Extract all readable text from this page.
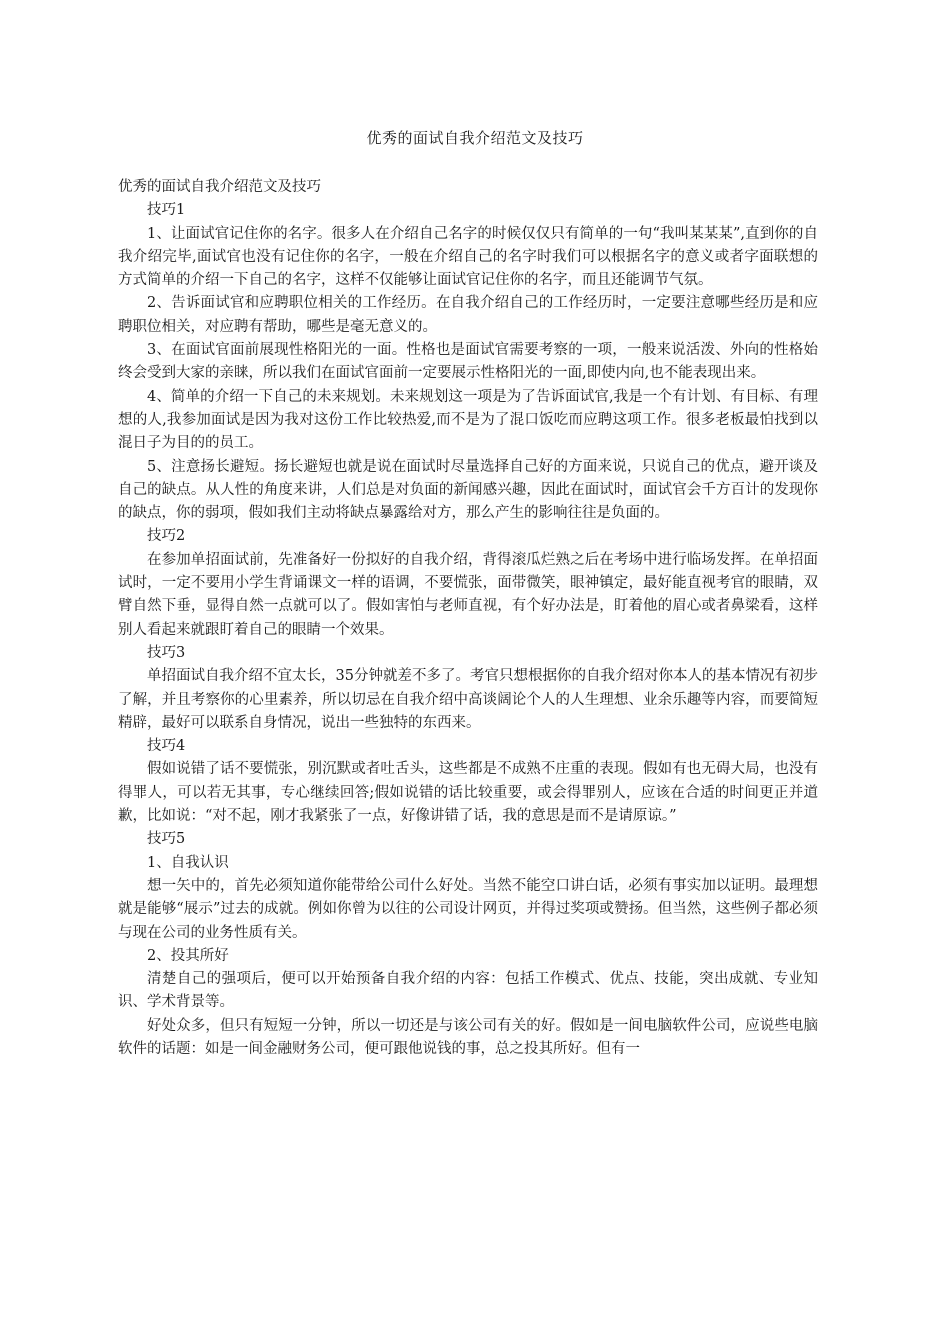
优秀的面试自我介绍范文及技巧

优秀的面试自我介绍范文及技巧

技巧1

1、让面试官记住你的名字。很多人在介绍自己名字的时候仅仅只有简单的一句“我叫某某某”,直到你的自我介绍完毕,面试官也没有记住你的名字，一般在介绍自己的名字时我们可以根据名字的意义或者字面联想的方式简单的介绍一下自己的名字，这样不仅能够让面试官记住你的名字，而且还能调节气氛。

2、告诉面试官和应聘职位相关的工作经历。在自我介绍自己的工作经历时，一定要注意哪些经历是和应聘职位相关，对应聘有帮助，哪些是毫无意义的。

3、在面试官面前展现性格阳光的一面。性格也是面试官需要考察的一项，一般来说活泼、外向的性格始终会受到大家的亲睐，所以我们在面试官面前一定要展示性格阳光的一面,即使内向,也不能表现出来。

4、简单的介绍一下自己的未来规划。未来规划这一项是为了告诉面试官,我是一个有计划、有目标、有理想的人,我参加面试是因为我对这份工作比较热爱,而不是为了混口饭吃而应聘这项工作。很多老板最怕找到以混日子为目的的员工。

5、注意扬长避短。扬长避短也就是说在面试时尽量选择自己好的方面来说，只说自己的优点，避开谈及自己的缺点。从人性的角度来讲，人们总是对负面的新闻感兴趣，因此在面试时，面试官会千方百计的发现你的缺点，你的弱项，假如我们主动将缺点暴露给对方，那么产生的影响往往是负面的。

技巧2

在参加单招面试前，先准备好一份拟好的自我介绍，背得滚瓜烂熟之后在考场中进行临场发挥。在单招面试时，一定不要用小学生背诵课文一样的语调，不要慌张，面带微笑，眼神镇定，最好能直视考官的眼睛，双臂自然下垂，显得自然一点就可以了。假如害怕与老师直视，有个好办法是，盯着他的眉心或者鼻梁看，这样别人看起来就跟盯着自己的眼睛一个效果。

技巧3

单招面试自我介绍不宜太长，35分钟就差不多了。考官只想根据你的自我介绍对你本人的基本情况有初步了解，并且考察你的心里素养，所以切忌在自我介绍中高谈阔论个人的人生理想、业余乐趣等内容，而要简短精辟，最好可以联系自身情况，说出一些独特的东西来。

技巧4

假如说错了话不要慌张，别沉默或者吐舌头，这些都是不成熟不庄重的表现。假如有也无碍大局，也没有得罪人，可以若无其事，专心继续回答;假如说错的话比较重要，或会得罪别人，应该在合适的时间更正并道歉，比如说：“对不起，刚才我紧张了一点，好像讲错了话，我的意思是而不是请原谅。”

技巧5

1、自我认识

想一矢中的，首先必须知道你能带给公司什么好处。当然不能空口讲白话，必须有事实加以证明。最理想就是能够“展示”过去的成就。例如你曾为以往的公司设计网页，并得过奖项或赞扬。但当然，这些例子都必须与现在公司的业务性质有关。

2、投其所好

清楚自己的强项后，便可以开始预备自我介绍的内容：包括工作模式、优点、技能，突出成就、专业知识、学术背景等。

好处众多，但只有短短一分钟，所以一切还是与该公司有关的好。假如是一间电脑软件公司，应说些电脑软件的话题：如是一间金融财务公司，便可跟他说钱的事，总之投其所好。但有一
